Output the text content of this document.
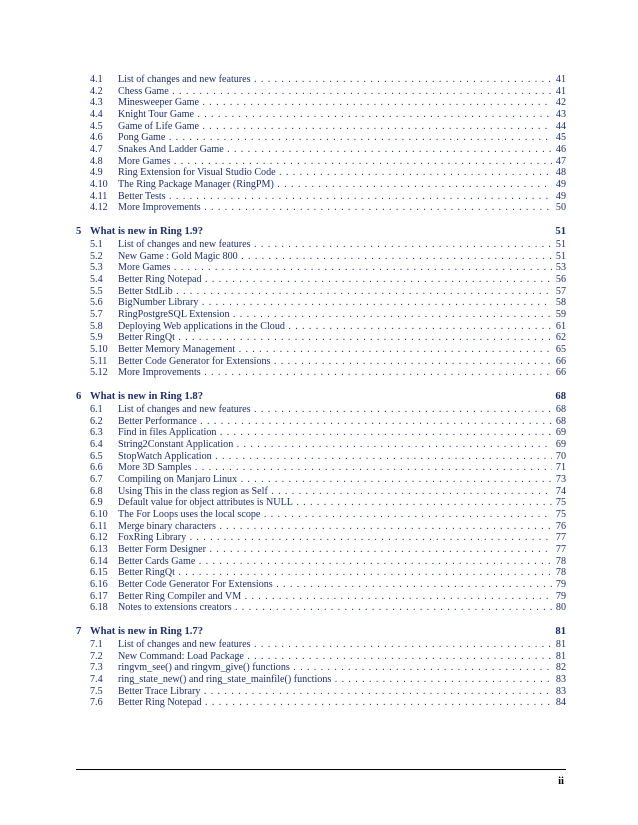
4.1 List of changes and new features . . .	41
4.2 Chess Game . . .	41
4.3 Minesweeper Game . . .	42
4.4 Knight Tour Game . . .	43
4.5 Game of Life Game . . .	44
4.6 Pong Game . . .	45
4.7 Snakes And Ladder Game . . .	46
4.8 More Games . . .	47
4.9 Ring Extension for Visual Studio Code . . .	48
4.10 The Ring Package Manager (RingPM) . . .	49
4.11 Better Tests . . .	49
4.12 More Improvements . . .	50
5 What is new in Ring 1.9?	51
5.1 List of changes and new features . . .	51
5.2 New Game : Gold Magic 800 . . .	51
5.3 More Games . . .	53
5.4 Better Ring Notepad . . .	56
5.5 Better StdLib . . .	57
5.6 BigNumber Library . . .	58
5.7 RingPostgreSQL Extension . . .	59
5.8 Deploying Web applications in the Cloud . . .	61
5.9 Better RingQt . . .	62
5.10 Better Memory Management . . .	65
5.11 Better Code Generator for Extensions . . .	66
5.12 More Improvements . . .	66
6 What is new in Ring 1.8?	68
6.1 List of changes and new features . . .	68
6.2 Better Performance . . .	68
6.3 Find in files Application . . .	69
6.4 String2Constant Application . . .	69
6.5 StopWatch Application . . .	70
6.6 More 3D Samples . . .	71
6.7 Compiling on Manjaro Linux . . .	73
6.8 Using This in the class region as Self . . .	74
6.9 Default value for object attributes is NULL . . .	75
6.10 The For Loops uses the local scope . . .	75
6.11 Merge binary characters . . .	76
6.12 FoxRing Library . . .	77
6.13 Better Form Designer . . .	77
6.14 Better Cards Game . . .	78
6.15 Better RingQt . . .	78
6.16 Better Code Generator For Extensions . . .	79
6.17 Better Ring Compiler and VM . . .	79
6.18 Notes to extensions creators . . .	80
7 What is new in Ring 1.7?	81
7.1 List of changes and new features . . .	81
7.2 New Command: Load Package . . .	81
7.3 ringvm_see() and ringvm_give() functions . . .	82
7.4 ring_state_new() and ring_state_mainfile() functions . . .	83
7.5 Better Trace Library . . .	83
7.6 Better Ring Notepad . . .	84
ii
